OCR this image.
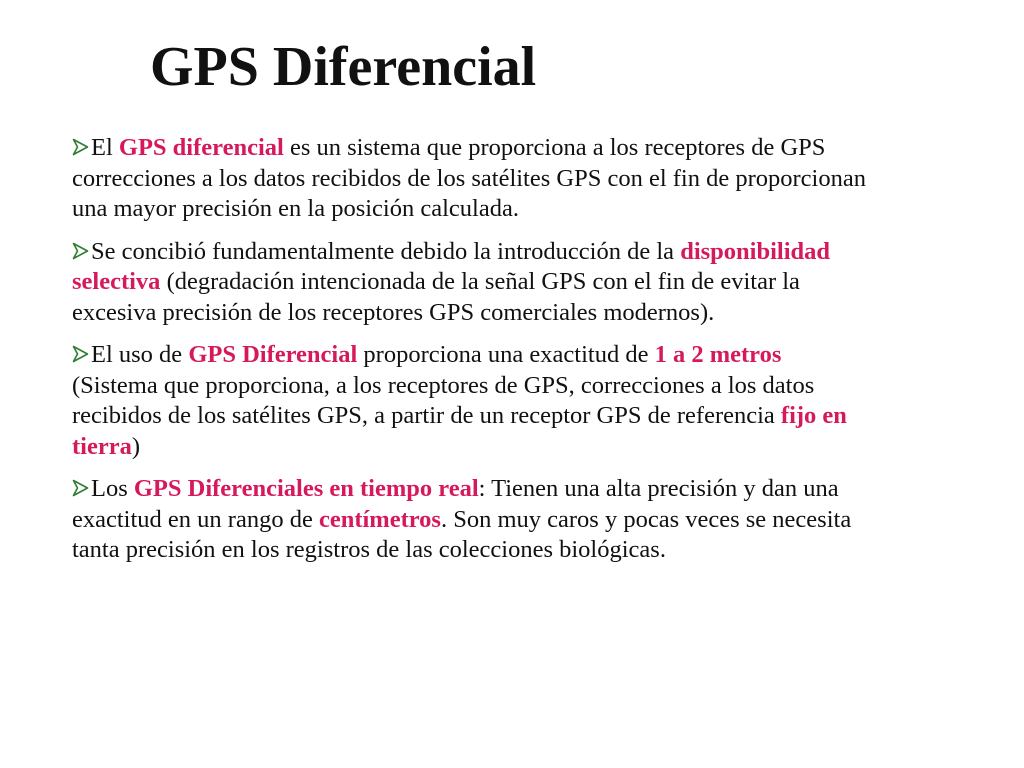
GPS Diferencial
El GPS diferencial es un sistema que proporciona a los receptores de GPS correcciones a los datos recibidos de los satélites GPS con el fin de proporcionan una mayor precisión en la posición calculada.
Se concibió fundamentalmente debido la introducción de la disponibilidad selectiva (degradación intencionada de la señal GPS con el fin de evitar la excesiva precisión de los receptores GPS comerciales modernos).
El uso de GPS Diferencial proporciona una exactitud de 1 a 2 metros (Sistema que proporciona, a los receptores de GPS, correcciones a los datos recibidos de los satélites GPS, a partir de un receptor GPS de referencia fijo en tierra)
Los GPS Diferenciales en tiempo real: Tienen una alta precisión y dan una exactitud en un rango de centímetros. Son muy caros y pocas veces se necesita tanta precisión en los registros de las colecciones biológicas.
